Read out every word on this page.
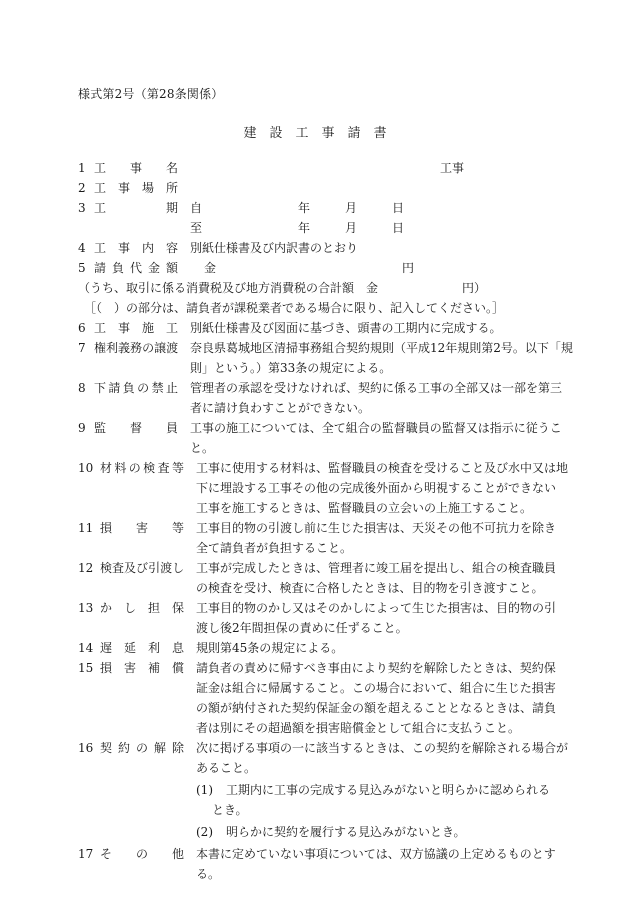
様式第2号（第28条関係）
建設工事請書
1 工 事 名	工事
2 工 事 場 所
3 工	期 自	年	月	日
至	年	月	日
4 工 事 内 容 別紙仕様書及び内訳書のとおり
5 請 負 代 金 額 金	円
（うち、取引に係る消費税及び地方消費税の合計額　金	円）
［（　）の部分は、請負者が課税業者である場合に限り、記入してください。］
6 工 事 施 工 別紙仕様書及び図面に基づき、頭書の工期内に完成する。
7 権 利 義 務 の 譲 渡 奈良県葛城地区清掃事務組合契約規則（平成12年規則第2号。以下「規
則」という。）第33条の規定による。
8 下 請 負 の 禁 止 管理者の承認を受けなければ、契約に係る工事の全部又は一部を第三
者に請け負わすことができない。
9 監 督 員 工事の施工については、全て組合の監督職員の監督又は指示に従うこ
と。
10 材 料 の 検 査 等 工事に使用する材料は、監督職員の検査を受けること及び水中又は地
下に埋設する工事その他の完成後外面から明視することができない
工事を施工するときは、監督職員の立会いの上施工すること。
11 損 害 等 工事目的物の引渡し前に生じた損害は、天災その他不可抗力を除き
全て請負者が負担すること。
12 検 査 及 び 引 渡 し 工事が完成したときは、管理者に竣工届を提出し、組合の検査職員
の検査を受け、検査に合格したときは、目的物を引き渡すこと。
13 か し 担 保 工事目的物のかし又はそのかしによって生じた損害は、目的物の引
渡し後2年間担保の責めに任ずること。
14 遅 延 利 息 規則第45条の規定による。
15 損 害 補 償 請負者の責めに帰すべき事由により契約を解除したときは、契約保
証金は組合に帰属すること。この場合において、組合に生じた損害
の額が納付された契約保証金の額を超えることとなるときは、請負
者は別にその超過額を損害賠償金として組合に支払うこと。
16 契 約 の 解 除 次に掲げる事項の一に該当するときは、この契約を解除される場合が
あること。
(1) 工期内に工事の完成する見込みがないと明らかに認められる
とき。
(2) 明らかに契約を履行する見込みがないとき。
17 そ の 他 本書に定めていない事項については、双方協議の上定めるものとす
る。
